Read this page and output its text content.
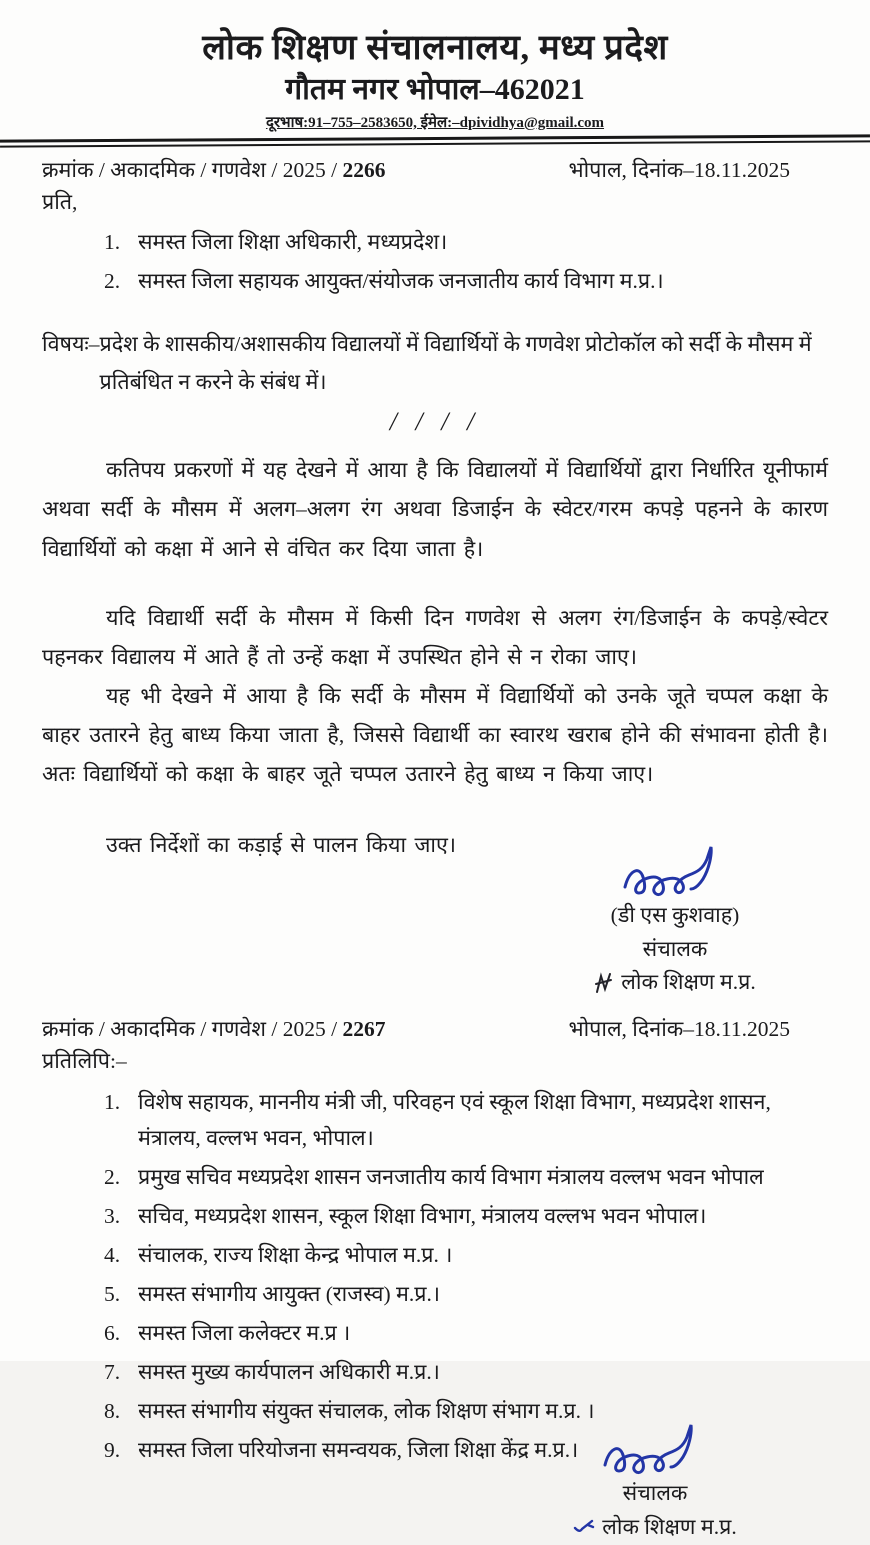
लोक शिक्षण संचालनालय, मध्य प्रदेश
गौतम नगर भोपाल–462021
दूरभाष:91–755–2583650, ईमेल:–dpividhya@gmail.com
क्रमांक / अकादमिक / गणवेश / 2025 / 2266	भोपाल, दिनांक–18.11.2025
प्रति,
1. समस्त जिला शिक्षा अधिकारी, मध्यप्रदेश।
2. समस्त जिला सहायक आयुक्त/संयोजक जनजातीय कार्य विभाग म.प्र.।
विषयः– प्रदेश के शासकीय/अशासकीय विद्यालयों में विद्यार्थियों के गणवेश प्रोटोकॉल को सर्दी के मौसम में प्रतिबंधित न करने के संबंध में।
/ / / /

कतिपय प्रकरणों में यह देखने में आया है कि विद्यालयों में विद्यार्थियों द्वारा निर्धारित यूनीफार्म अथवा सर्दी के मौसम में अलग–अलग रंग अथवा डिजाईन के स्वेटर/गरम कपड़े पहनने के कारण विद्यार्थियों को कक्षा में आने से वंचित कर दिया जाता है।

यदि विद्यार्थी सर्दी के मौसम में किसी दिन गणवेश से अलग रंग/डिजाईन के कपड़े/स्वेटर पहनकर विद्यालय में आते हैं तो उन्हें कक्षा में उपस्थित होने से न रोका जाए।

यह भी देखने में आया है कि सर्दी के मौसम में विद्यार्थियों को उनके जूते चप्पल कक्षा के बाहर उतारने हेतु बाध्य किया जाता है, जिससे विद्यार्थी का स्वारथ खराब होने की संभावना होती है। अतः विद्यार्थियों को कक्षा के बाहर जूते चप्पल उतारने हेतु बाध्य न किया जाए।

उक्त निर्देशों का कड़ाई से पालन किया जाए।

(डी एस कुशवाह)
संचालक
लोक शिक्षण म.प्र.
क्रमांक / अकादमिक / गणवेश / 2025 / 2267	भोपाल, दिनांक–18.11.2025
प्रतिलिपि:–
1. विशेष सहायक, माननीय मंत्री जी, परिवहन एवं स्कूल शिक्षा विभाग, मध्यप्रदेश शासन, मंत्रालय, वल्लभ भवन, भोपाल।
2. प्रमुख सचिव मध्यप्रदेश शासन जनजातीय कार्य विभाग मंत्रालय वल्लभ भवन भोपाल
3. सचिव, मध्यप्रदेश शासन, स्कूल शिक्षा विभाग, मंत्रालय वल्लभ भवन भोपाल।
4. संचालक, राज्य शिक्षा केन्द्र भोपाल म.प्र. ।
5. समस्त संभागीय आयुक्त (राजस्व) म.प्र.।
6. समस्त जिला कलेक्टर म.प्र ।
7. समस्त मुख्य कार्यपालन अधिकारी म.प्र.।
8. समस्त संभागीय संयुक्त संचालक, लोक शिक्षण संभाग म.प्र. ।
9. समस्त जिला परियोजना समन्वयक, जिला शिक्षा केंद्र म.प्र.।
संचालक
लोक शिक्षण म.प्र.
